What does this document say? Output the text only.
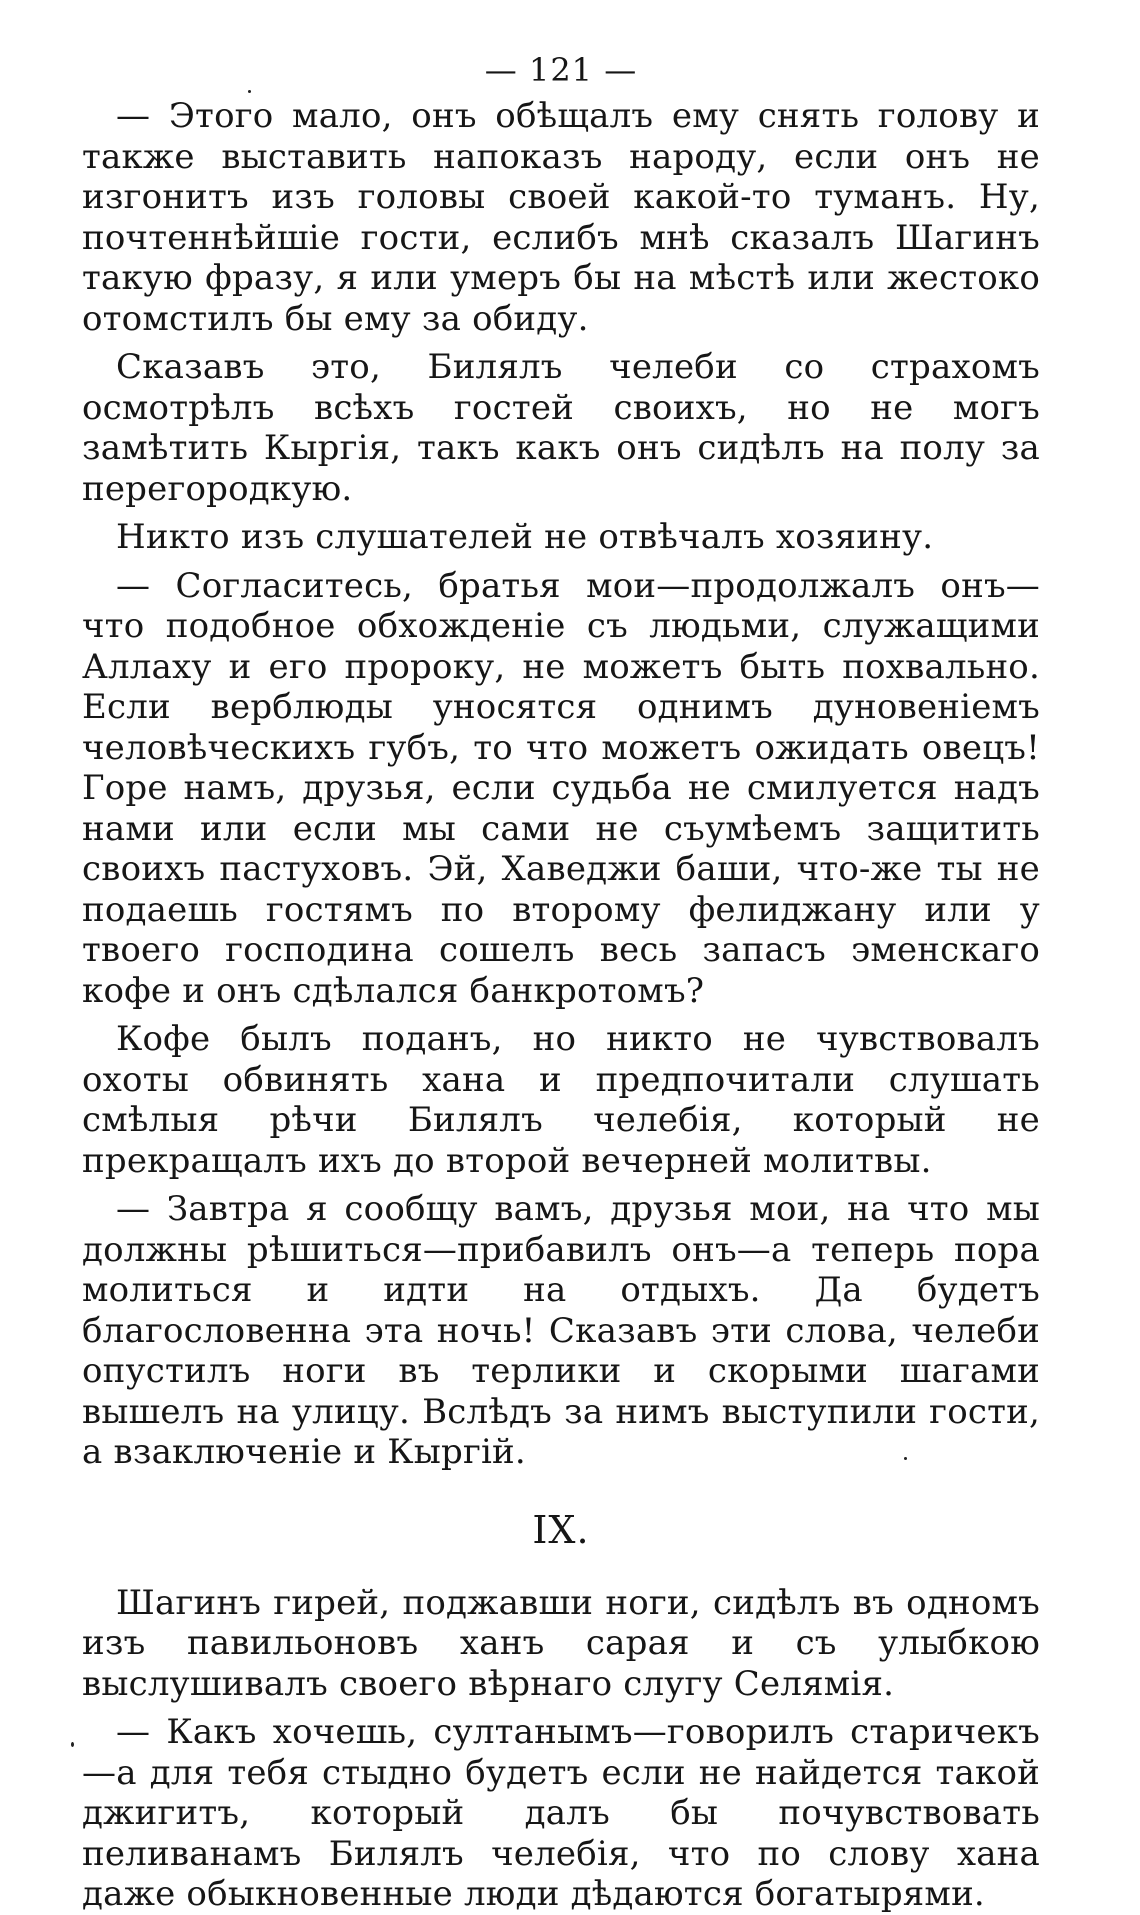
— 121 —

— Этого мало, онъ обѣщалъ ему снять голову и также выставить напоказъ народу, если онъ не изгонитъ изъ головы своей какой-то туманъ. Ну, почтеннѣйшіе гости, еслибъ мнѣ сказалъ Шагинъ такую фразу, я или умеръ бы на мѣстѣ или жестоко отомстилъ бы ему за обиду.

Сказавъ это, Билялъ челеби со страхомъ осмотрѣлъ всѣхъ гостей своихъ, но не могъ замѣтить Кыргія, такъ какъ онъ сидѣлъ на полу за перегородкую.

Никто изъ слушателей не отвѣчалъ хозяину.

— Согласитесь, братья мои—продолжалъ онъ—что подобное обхожденіе съ людьми, служащими Аллаху и его пророку, не можетъ быть похвально. Если верблюды уносятся однимъ дуновеніемъ человѣческихъ губъ, то что можетъ ожидать овецъ! Горе намъ, друзья, если судьба не смилуется надъ нами или если мы сами не съумѣемъ защитить своихъ пастуховъ. Эй, Хаведжи баши, что-же ты не подаешь гостямъ по второму фелиджану или у твоего господина сошелъ весь запасъ эменскаго кофе и онъ сдѣлался банкротомъ?

Кофе былъ поданъ, но никто не чувствовалъ охоты обвинять хана и предпочитали слушать смѣлыя рѣчи Билялъ челебія, который не прекращалъ ихъ до второй вечерней молитвы.

— Завтра я сообщу вамъ, друзья мои, на что мы должны рѣшиться—прибавилъ онъ—а теперь пора молиться и идти на отдыхъ. Да будетъ благословенна эта ночь! Сказавъ эти слова, челеби опустилъ ноги въ терлики и скорыми шагами вышелъ на улицу. Вслѣдъ за нимъ выступили гости, а взаключеніе и Кыргій.

IX.

Шагинъ гирей, поджавши ноги, сидѣлъ въ одномъ изъ павильоновъ ханъ сарая и съ улыбкою выслушивалъ своего вѣрнаго слугу Селямія.

— Какъ хочешь, султанымъ—говорилъ старичекъ—а для тебя стыдно будетъ если не найдется такой джигитъ, который далъ бы почувствовать пеливанамъ Билялъ челебія, что по слову хана даже обыкновенные люди дѣдаются богатырями.
